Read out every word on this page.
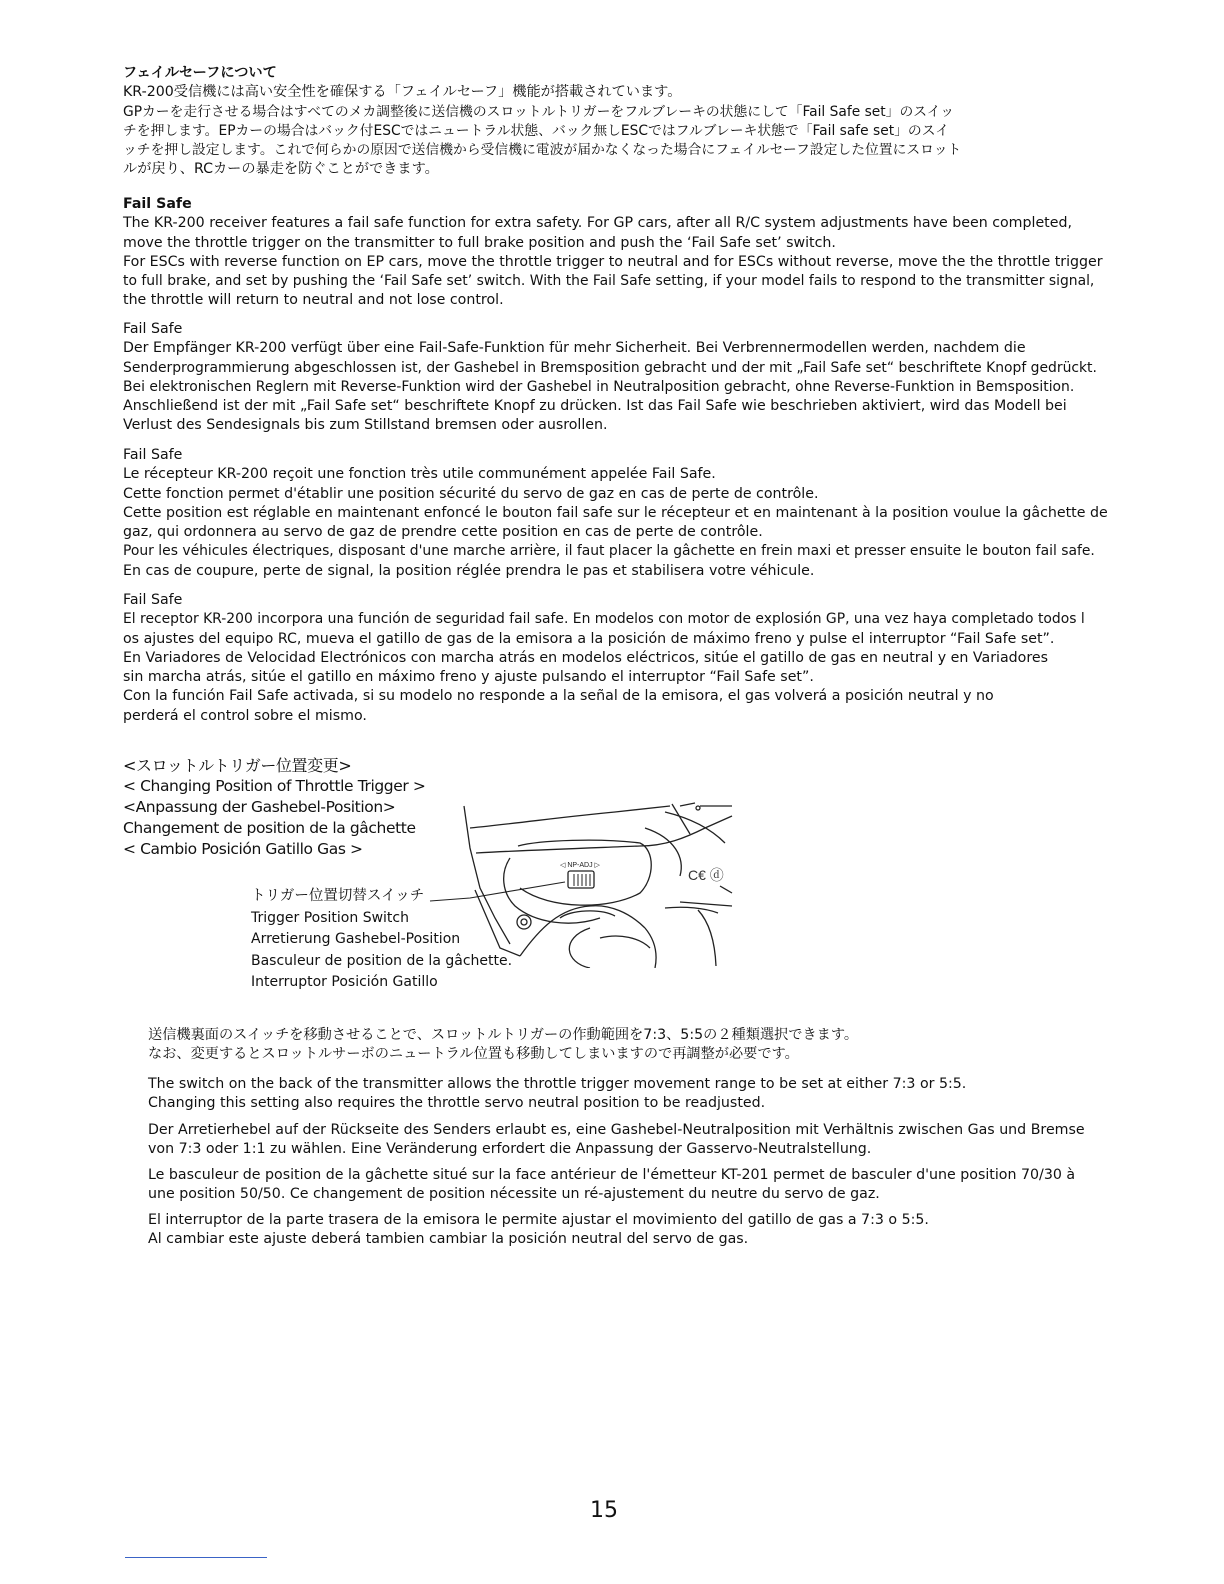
フェイルセーフについて
KR-200受信機には高い安全性を確保する「フェイルセーフ」機能が搭載されています。
GPカーを走行させる場合はすべてのメカ調整後に送信機のスロットルトリガーをフルブレーキの状態にして「Fail Safe set」のスイッ
チを押します。EPカーの場合はバック付ESCではニュートラル状態、バック無しESCではフルブレーキ状態で「Fail safe set」のスイ
ッチを押し設定します。これで何らかの原因で送信機から受信機に電波が届かなくなった場合にフェイルセーフ設定した位置にスロット
ルが戻り、RCカーの暴走を防ぐことができます。
Fail Safe
The KR-200 receiver features a fail safe function for extra safety. For GP cars, after all R/C system adjustments have been completed,
move the throttle trigger on the transmitter to full brake position and push the ‘Fail Safe set’ switch.
For ESCs with reverse function on EP cars, move the throttle trigger to neutral and for ESCs without reverse, move the the throttle trigger
to full brake, and set by pushing the ‘Fail Safe set’ switch. With the Fail Safe setting, if your model fails to respond to the transmitter signal,
the throttle will return to neutral and not lose control.
Fail Safe
Der Empfänger KR-200 verfügt über eine Fail-Safe-Funktion für mehr Sicherheit. Bei Verbrennermodellen werden, nachdem die
Senderprogrammierung abgeschlossen ist, der Gashebel in Bremsposition gebracht und der mit „Fail Safe set“ beschriftete Knopf gedrückt.
Bei elektronischen Reglern mit Reverse-Funktion wird der Gashebel in Neutralposition gebracht, ohne Reverse-Funktion in Bemsposition.
Anschließend ist der mit „Fail Safe set“ beschriftete Knopf zu drücken. Ist das Fail Safe wie beschrieben aktiviert, wird das Modell bei
Verlust des Sendesignals bis zum Stillstand bremsen oder ausrollen.
Fail Safe
Le récepteur KR-200 reçoit une fonction très utile communément appelée Fail Safe.
Cette fonction permet d'établir une position sécurité du servo de gaz en cas de perte de contrôle.
Cette position est réglable en maintenant enfoncé le bouton fail safe sur le récepteur et en maintenant à la position voulue la gâchette de
gaz, qui ordonnera au servo de gaz de prendre cette position en cas de perte de contrôle.
Pour les véhicules électriques, disposant d'une marche arrière, il faut placer la gâchette en frein maxi et presser ensuite le bouton fail safe.
En cas de coupure, perte de signal, la position réglée prendra le pas et stabilisera votre véhicule.
Fail Safe
El receptor KR-200 incorpora una función de seguridad fail safe. En modelos con motor de explosión GP, una vez haya completado todos l
os ajustes del equipo RC, mueva el gatillo de gas de la emisora a la posición de máximo freno y pulse el interruptor “Fail Safe set”.
En Variadores de Velocidad Electrónicos con marcha atrás en modelos eléctricos, sitúe el gatillo de gas en neutral y en Variadores
sin marcha atrás, sitúe el gatillo en máximo freno y ajuste pulsando el interruptor “Fail Safe set”.
Con la función Fail Safe activada, si su modelo no responde a la señal de la emisora, el gas volverá a posición neutral y no
perderá el control sobre el mismo.
<スロットルトリガー位置変更>
< Changing Position of Throttle Trigger >
<Anpassung der Gashebel-Position>
Changement de position de la gâchette
< Cambio Posición Gatillo Gas >
◁ NP-ADJ ▷
C€ ⓓ
トリガー位置切替スイッチ
Trigger Position Switch
Arretierung Gashebel-Position
Basculeur de position de la gâchette.
Interruptor Posición Gatillo
送信機裏面のスイッチを移動させることで、スロットルトリガーの作動範囲を7:3、5:5の２種類選択できます。
なお、変更するとスロットルサーボのニュートラル位置も移動してしまいますので再調整が必要です。
The switch on the back of the transmitter allows the throttle trigger movement range to be set at either 7:3 or 5:5.
Changing this setting also requires the throttle servo neutral position to be readjusted.
Der Arretierhebel auf der Rückseite des Senders erlaubt es, eine Gashebel-Neutralposition mit Verhältnis zwischen Gas und Bremse
von 7:3 oder 1:1 zu wählen. Eine Veränderung erfordert die Anpassung der Gasservo-Neutralstellung.
Le basculeur de position de la gâchette situé sur la face antérieur de l'émetteur KT-201 permet de basculer d'une position 70/30 à
une position 50/50. Ce changement de position nécessite un ré-ajustement du neutre du servo de gaz.
El interruptor de la parte trasera de la emisora le permite ajustar el movimiento del gatillo de gas a 7:3 o 5:5.
Al cambiar este ajuste deberá tambien cambiar la posición neutral del servo de gas.
15
